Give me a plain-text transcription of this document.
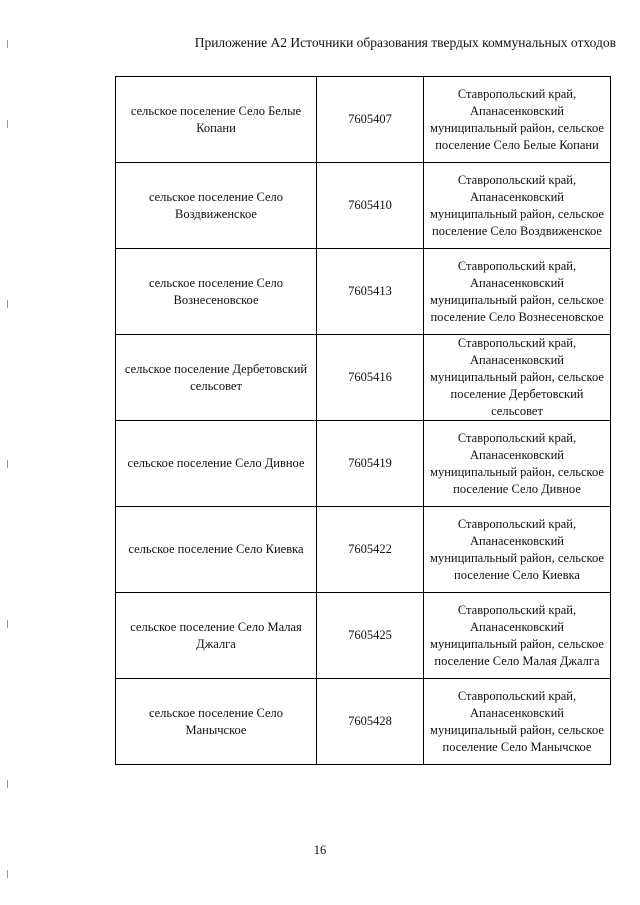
Приложение А2 Источники образования твердых коммунальных отходов
сельское поселение Село Белые Копани	7605407	Ставропольский край, Апанасенковский муниципальный район, сельское поселение Село Белые Копани
сельское поселение Село Воздвиженское	7605410	Ставропольский край, Апанасенковский муниципальный район, сельское поселение Село Воздвиженское
сельское поселение Село Вознесеновское	7605413	Ставропольский край, Апанасенковский муниципальный район, сельское поселение Село Вознесеновское
сельское поселение Дербетовский сельсовет	7605416	Ставропольский край, Апанасенковский муниципальный район, сельское поселение Дербетовский сельсовет
сельское поселение Село Дивное	7605419	Ставропольский край, Апанасенковский муниципальный район, сельское поселение Село Дивное
сельское поселение Село Киевка	7605422	Ставропольский край, Апанасенковский муниципальный район, сельское поселение Село Киевка
сельское поселение Село Малая Джалга	7605425	Ставропольский край, Апанасенковский муниципальный район, сельское поселение Село Малая Джалга
сельское поселение Село Манычское	7605428	Ставропольский край, Апанасенковский муниципальный район, сельское поселение Село Манычское
16
